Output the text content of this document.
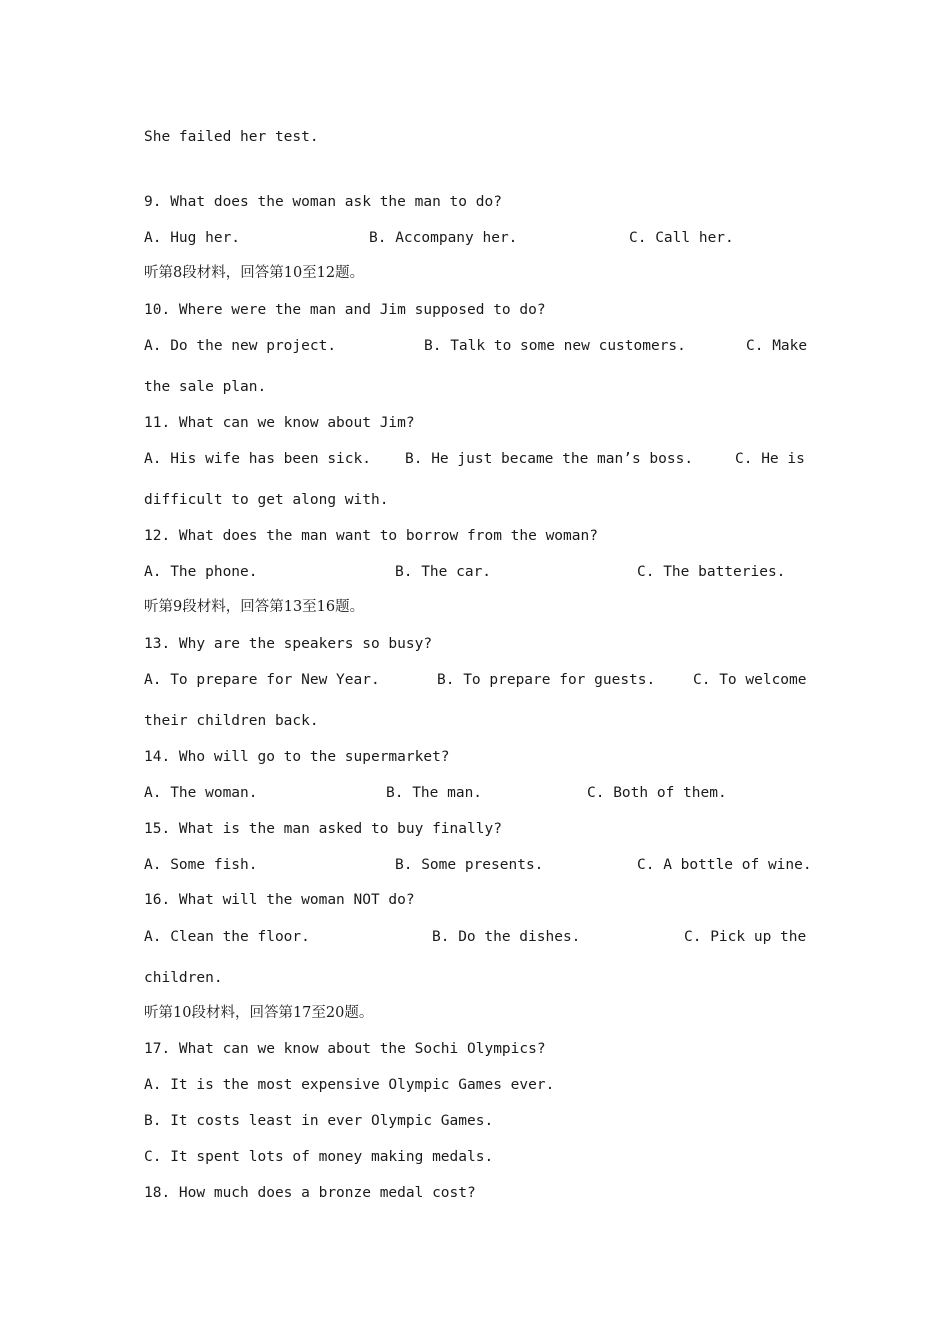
She failed her test.
9. What does the woman ask the man to do?

A. Hug her.

	B. Accompany her.

	C. Call her.

听第8段材料，回答第10至12题。
10. Where were the man and Jim supposed to do?

A. Do the new project.

	B. Talk to some new customers.

	C. Make

the sale plan.
11. What can we know about Jim?

A. His wife has been sick.

B. He just became the man’s boss.

	C. He is

difficult to get along with.
12. What does the man want to borrow from the woman?

A. The phone.

	B. The car.

	C. The batteries.

听第9段材料，回答第13至16题。
13. Why are the speakers so busy?

A. To prepare for New Year.

	B. To prepare for guests.

	C. To welcome

their children back.
14. Who will go to the supermarket?

A. The woman.

	B. The man.

	C. Both of them.

15. What is the man asked to buy finally?

A. Some fish.

	B. Some presents.

	C. A bottle of wine.

16. What will the woman NOT do?

A. Clean the floor.

	B. Do the dishes.

	C. Pick up the

children.
听第10段材料，回答第17至20题。
17. What can we know about the Sochi Olympics?
A. It is the most expensive Olympic Games ever.
B. It costs least in ever Olympic Games.
C. It spent lots of money making medals.
18. How much does a bronze medal cost?
